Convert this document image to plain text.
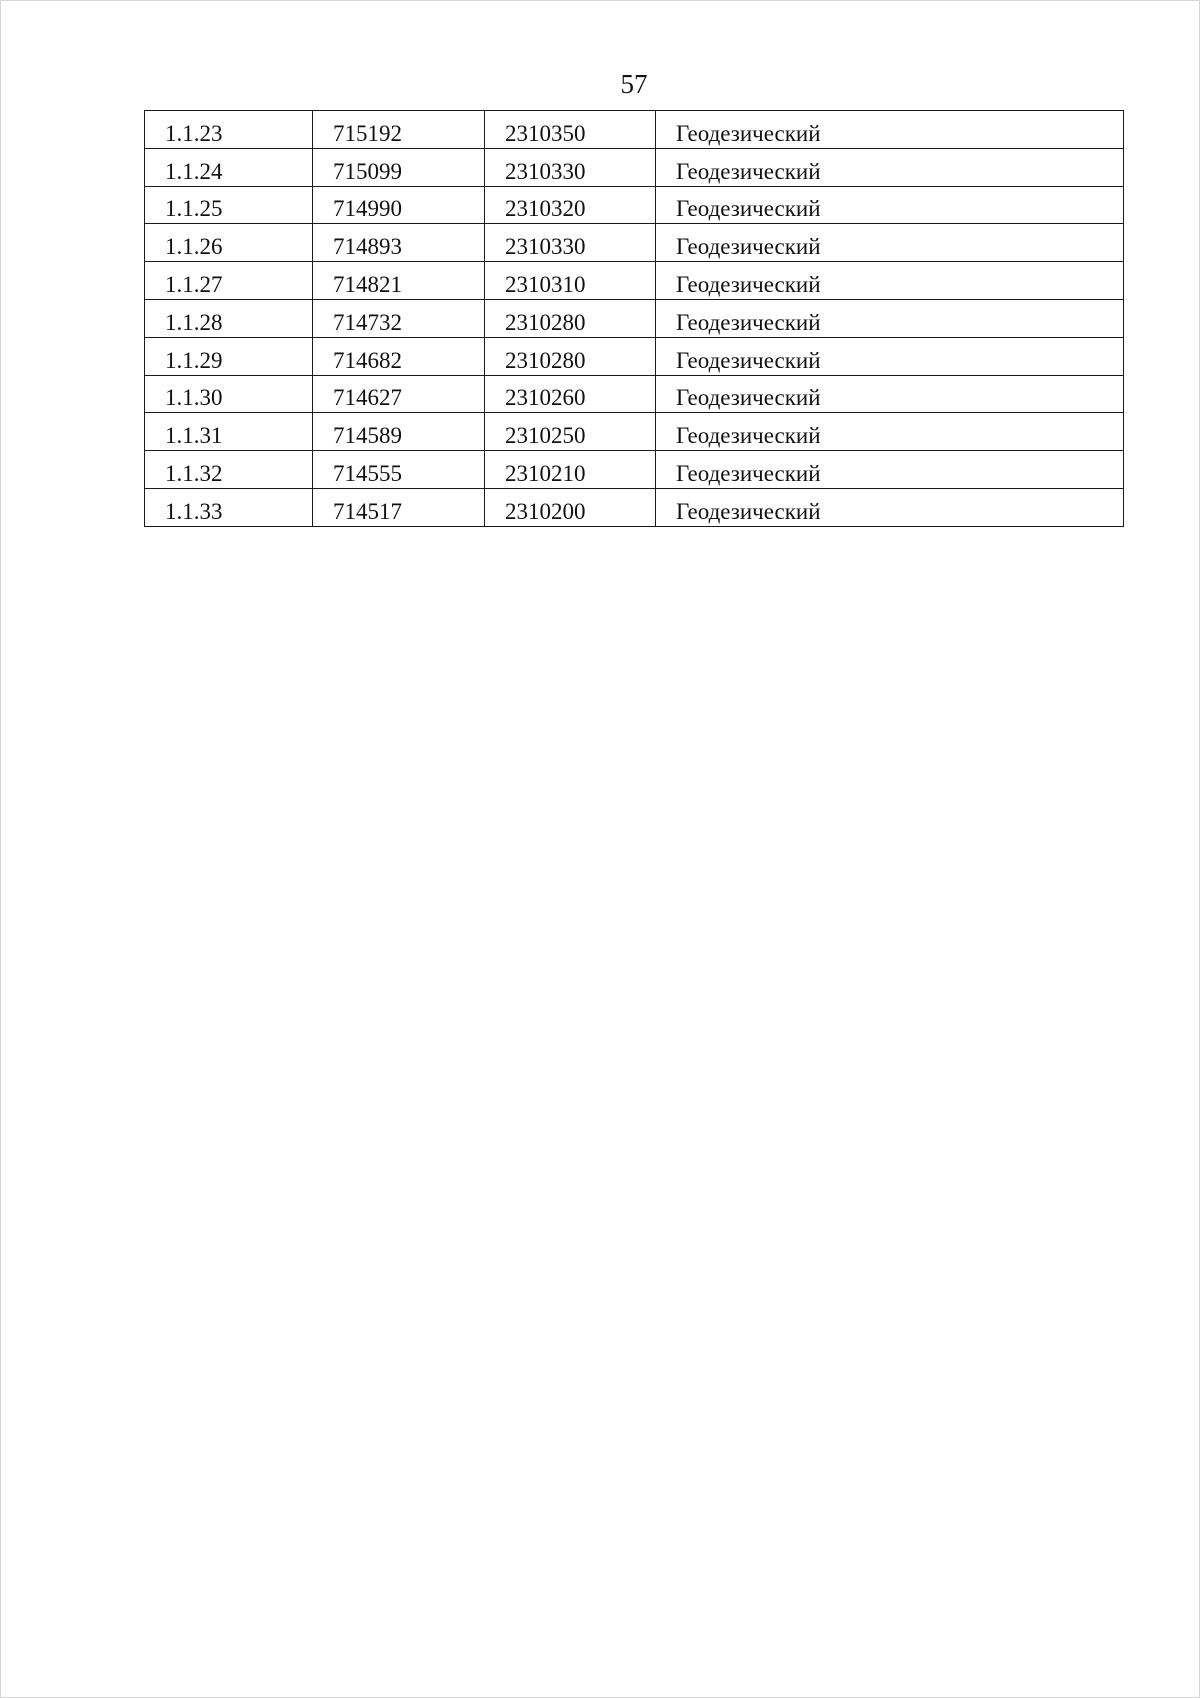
57
1.1.23	715192	2310350	Геодезический
1.1.24	715099	2310330	Геодезический
1.1.25	714990	2310320	Геодезический
1.1.26	714893	2310330	Геодезический
1.1.27	714821	2310310	Геодезический
1.1.28	714732	2310280	Геодезический
1.1.29	714682	2310280	Геодезический
1.1.30	714627	2310260	Геодезический
1.1.31	714589	2310250	Геодезический
1.1.32	714555	2310210	Геодезический
1.1.33	714517	2310200	Геодезический
